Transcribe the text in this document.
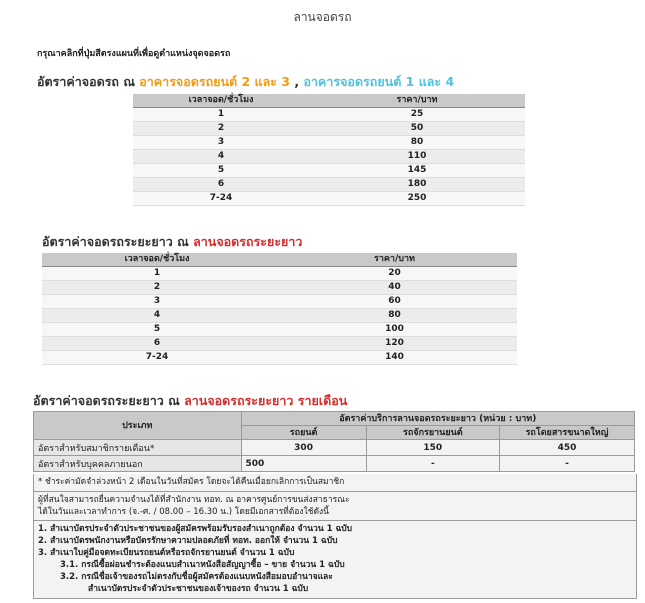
ลานจอดรถ
กรุณาคลิกที่ปุ่มสีตรงแผนที่เพื่อดูตำแหน่งจุดจอดรถ
อัตราค่าจอดรถ ณ อาคารจอดรถยนต์ 2 และ 3 , อาคารจอดรถยนต์ 1 และ 4
เวลาจอด/ชั่วโมง	ราคา/บาท
1	25
2	50
3	80
4	110
5	145
6	180
7-24	250
อัตราค่าจอดรถระยะยาว ณ ลานจอดรถระยะยาว
เวลาจอด/ชั่วโมง	ราคา/บาท
1	20
2	40
3	60
4	80
5	100
6	120
7-24	140
อัตราค่าจอดรถระยะยาว ณ ลานจอดรถระยะยาว รายเดือน
ประเภท	อัตราค่าบริการลานจอดรถระยะยาว (หน่วย : บาท)		
	รถยนต์	รถจักรยานยนต์	รถโดยสารขนาดใหญ่
อัตราสำหรับสมาชิกรายเดือน*	300	150	450
อัตราสำหรับบุคคลภายนอก	500	-	-
* ชำระค่ามัดจำล่วงหน้า 2 เดือนในวันที่สมัคร โดยจะได้คืนเมื่อยกเลิกการเป็นสมาชิก
ผู้ที่สนใจสามารถยื่นความจำนงได้ที่สำนักงาน ทอท. ณ อาคารศูนย์การขนส่งสาธารณะ
ได้ในวันและเวลาทำการ (จ.-ศ. / 08.00 – 16.30 น.) โดยมีเอกสารที่ต้องใช้ดังนี้
1. สำเนาบัตรประจำตัวประชาชนของผู้สมัครพร้อมรับรองสำเนาถูกต้อง จำนวน 1 ฉบับ
2. สำเนาบัตรพนักงานหรือบัตรรักษาความปลอดภัยที่ ทอท. ออกให้ จำนวน 1 ฉบับ
3. สำเนาใบคู่มือจดทะเบียนรถยนต์หรือรถจักรยานยนต์ จำนวน 1 ฉบับ
3.1. กรณีซื้อผ่อนชำระต้องแนบสำเนาหนังสือสัญญาซื้อ – ขาย จำนวน 1 ฉบับ
3.2. กรณีชื่อเจ้าของรถไม่ตรงกับชื่อผู้สมัครต้องแนบหนังสือมอบอำนาจและ
สำเนาบัตรประจำตัวประชาชนของเจ้าของรถ จำนวน 1 ฉบับ
